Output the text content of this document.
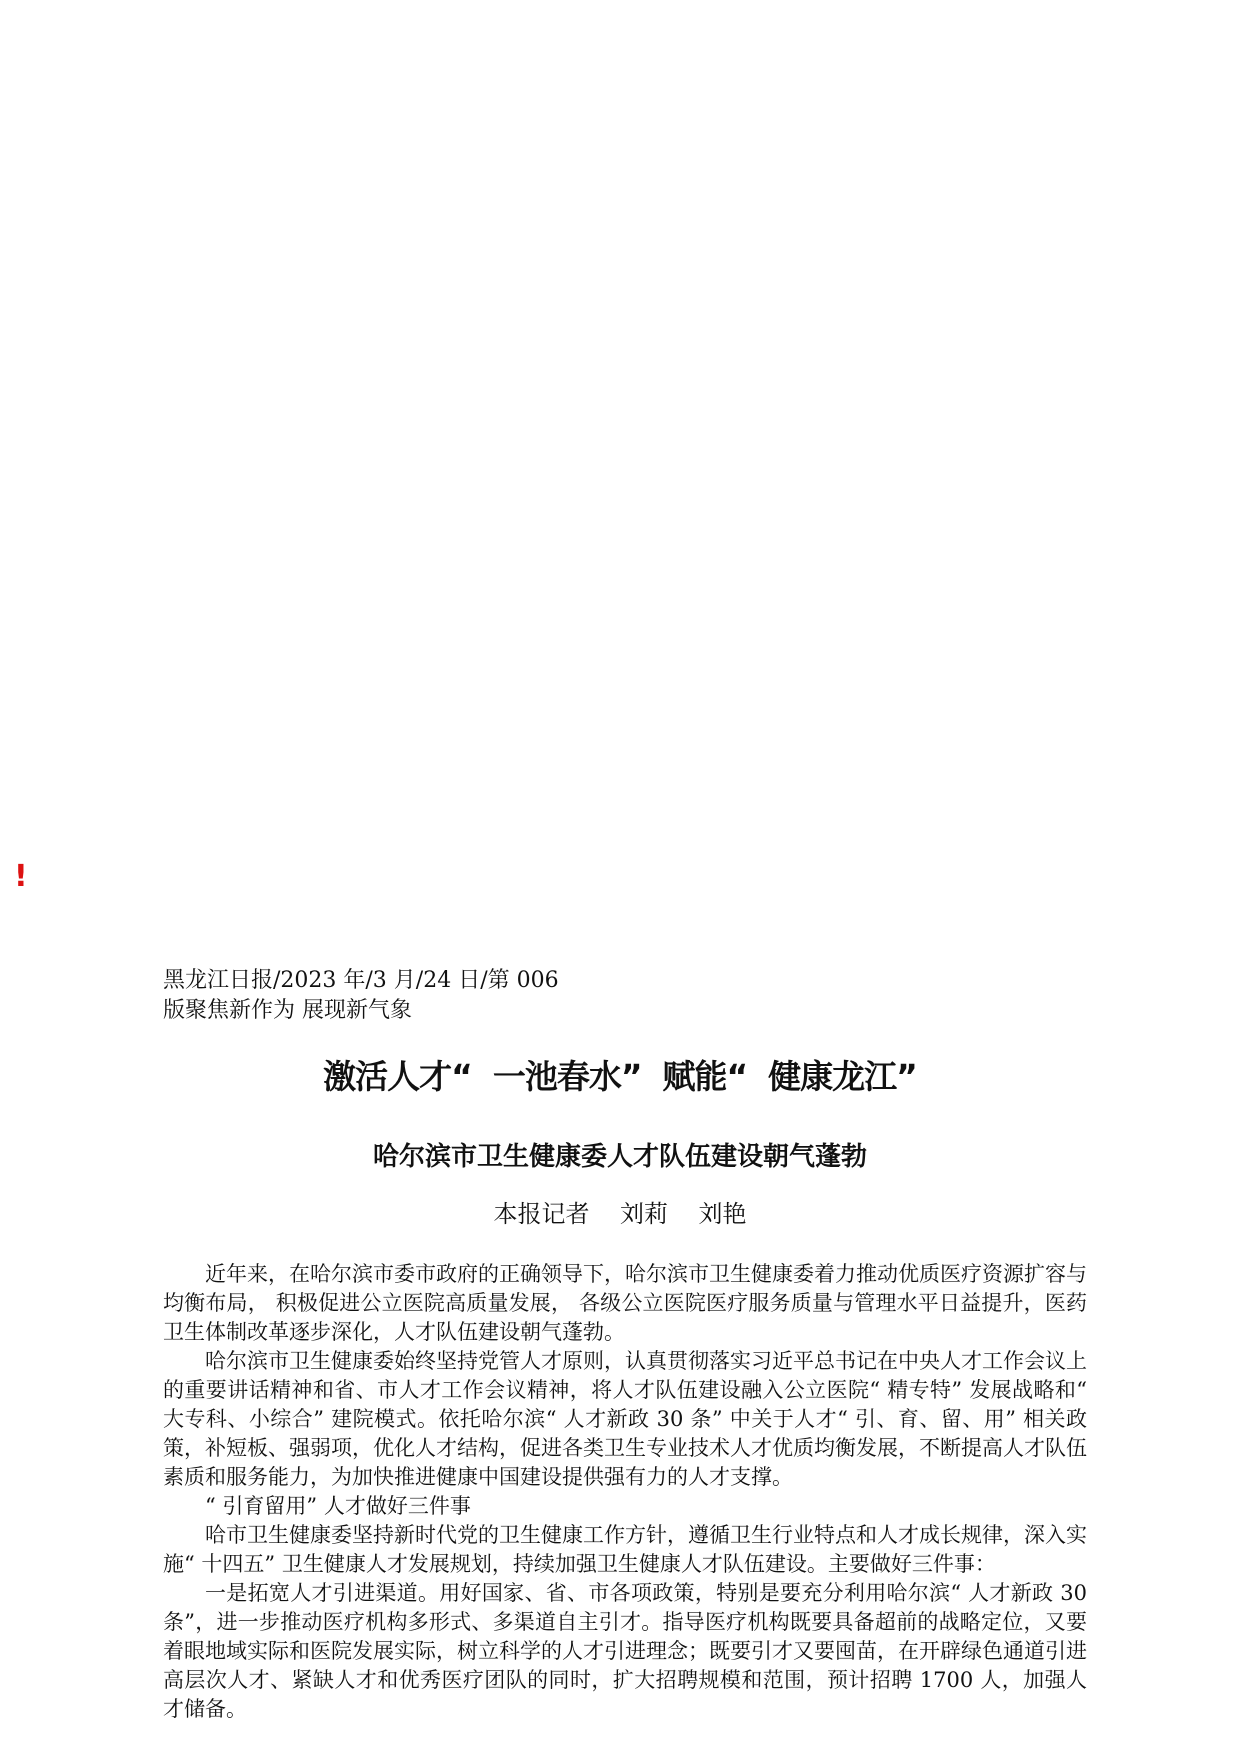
!
黑龙江日报/2023 年/3 月/24 日/第 006
版聚焦新作为 展现新气象
激活人才“  一池春水”  赋能“  健康龙江”
哈尔滨市卫生健康委人才队伍建设朝气蓬勃
本报记者    刘莉    刘艳

近年来，在哈尔滨市委市政府的正确领导下，哈尔滨市卫生健康委着力推动优质医疗资源扩容与均衡布局， 积极促进公立医院高质量发展， 各级公立医院医疗服务质量与管理水平日益提升，医药卫生体制改革逐步深化，人才队伍建设朝气蓬勃。

哈尔滨市卫生健康委始终坚持党管人才原则，认真贯彻落实习近平总书记在中央人才工作会议上的重要讲话精神和省、市人才工作会议精神，将人才队伍建设融入公立医院“ 精专特” 发展战略和“ 大专科、小综合” 建院模式。依托哈尔滨“ 人才新政 30 条” 中关于人才“ 引、育、留、用” 相关政策，补短板、强弱项，优化人才结构，促进各类卫生专业技术人才优质均衡发展，不断提高人才队伍素质和服务能力，为加快推进健康中国建设提供强有力的人才支撑。

“ 引育留用” 人才做好三件事

哈市卫生健康委坚持新时代党的卫生健康工作方针，遵循卫生行业特点和人才成长规律，深入实施“ 十四五” 卫生健康人才发展规划，持续加强卫生健康人才队伍建设。主要做好三件事：

一是拓宽人才引进渠道。用好国家、省、市各项政策，特别是要充分利用哈尔滨“ 人才新政 30 条”，进一步推动医疗机构多形式、多渠道自主引才。指导医疗机构既要具备超前的战略定位，又要着眼地域实际和医院发展实际，树立科学的人才引进理念；既要引才又要囤苗，在开辟绿色通道引进高层次人才、紧缺人才和优秀医疗团队的同时，扩大招聘规模和范围，预计招聘 1700 人，加强人才储备。
